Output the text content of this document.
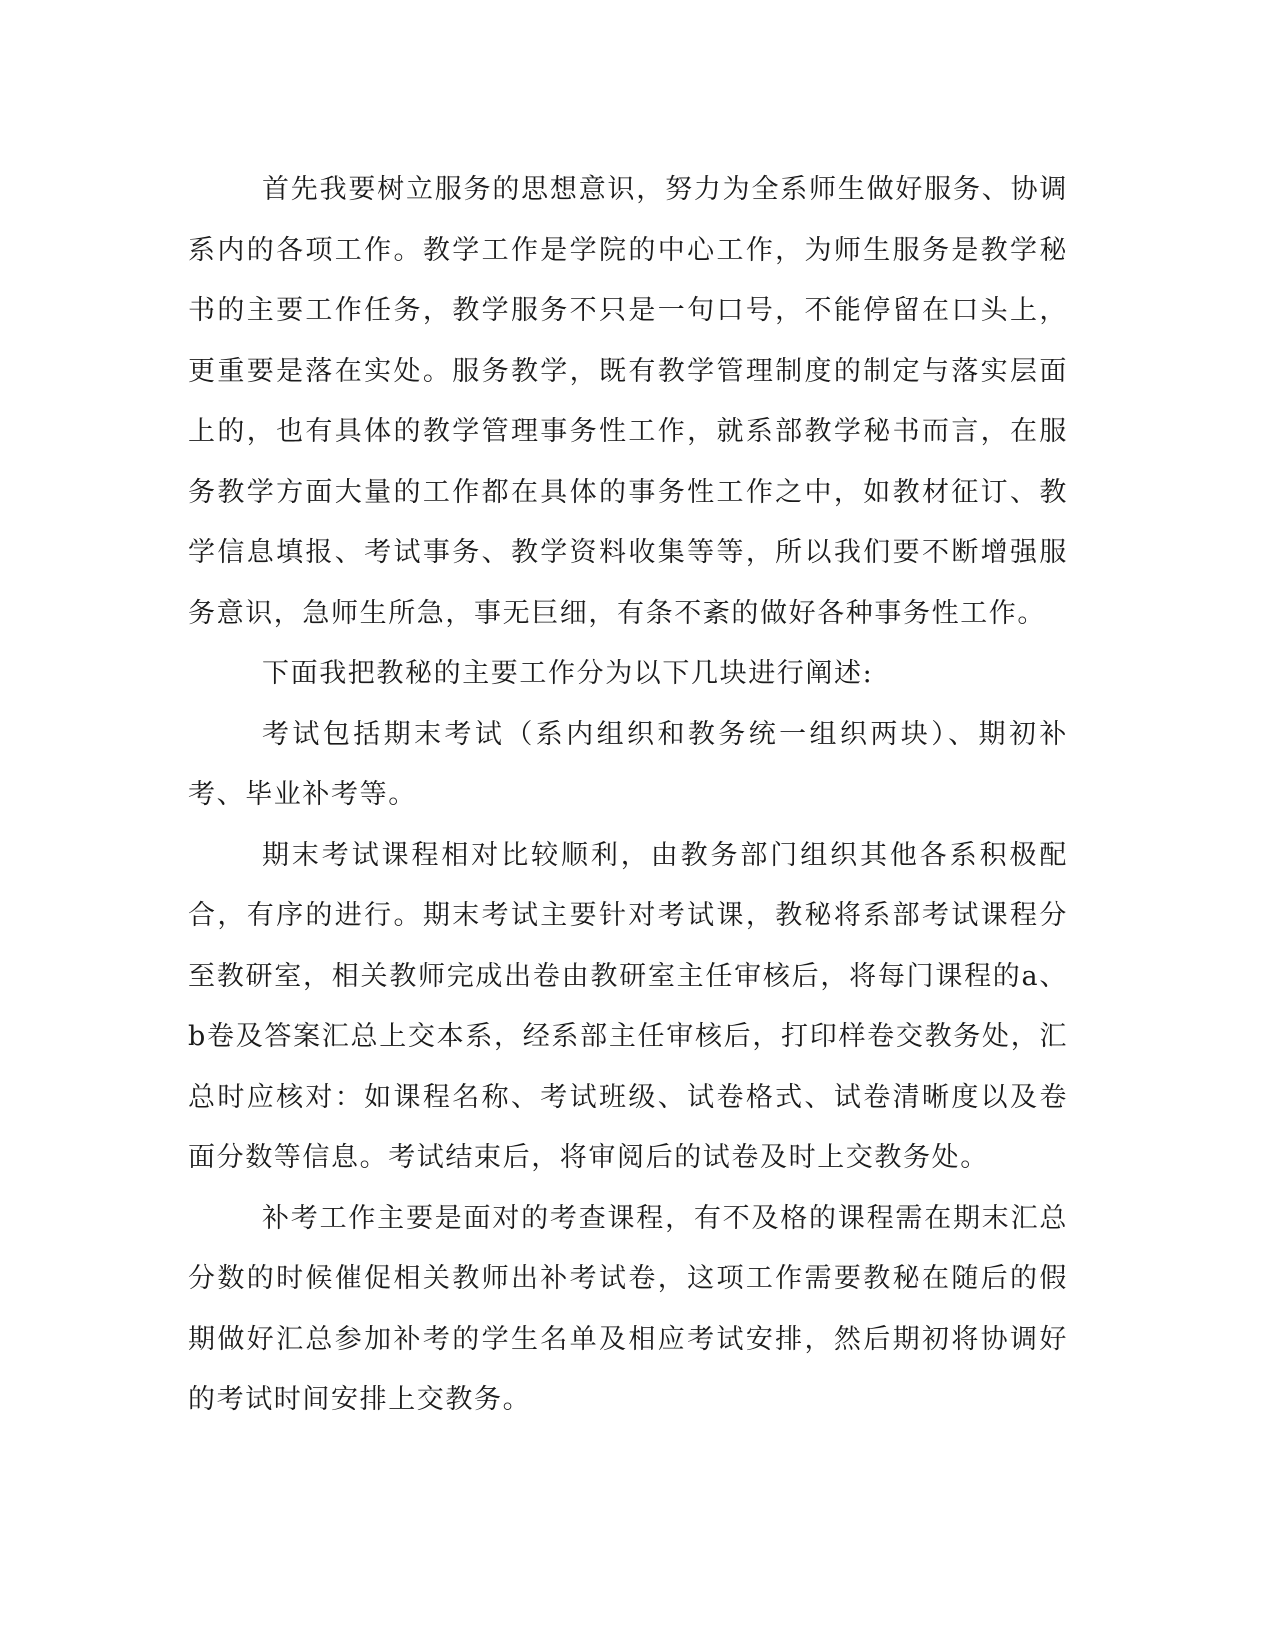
首先我要树立服务的思想意识，努力为全系师生做好服务、协调系内的各项工作。教学工作是学院的中心工作，为师生服务是教学秘书的主要工作任务，教学服务不只是一句口号，不能停留在口头上，更重要是落在实处。服务教学，既有教学管理制度的制定与落实层面上的，也有具体的教学管理事务性工作，就系部教学秘书而言，在服务教学方面大量的工作都在具体的事务性工作之中，如教材征订、教学信息填报、考试事务、教学资料收集等等，所以我们要不断增强服务意识，急师生所急，事无巨细，有条不紊的做好各种事务性工作。

下面我把教秘的主要工作分为以下几块进行阐述:

考试包括期末考试（系内组织和教务统一组织两块）、期初补考、毕业补考等。

期末考试课程相对比较顺利，由教务部门组织其他各系积极配合，有序的进行。期末考试主要针对考试课，教秘将系部考试课程分至教研室，相关教师完成出卷由教研室主任审核后，将每门课程的a、b卷及答案汇总上交本系，经系部主任审核后，打印样卷交教务处，汇总时应核对：如课程名称、考试班级、试卷格式、试卷清晰度以及卷面分数等信息。考试结束后，将审阅后的试卷及时上交教务处。

补考工作主要是面对的考查课程，有不及格的课程需在期末汇总分数的时候催促相关教师出补考试卷，这项工作需要教秘在随后的假期做好汇总参加补考的学生名单及相应考试安排，然后期初将协调好的考试时间安排上交教务。
